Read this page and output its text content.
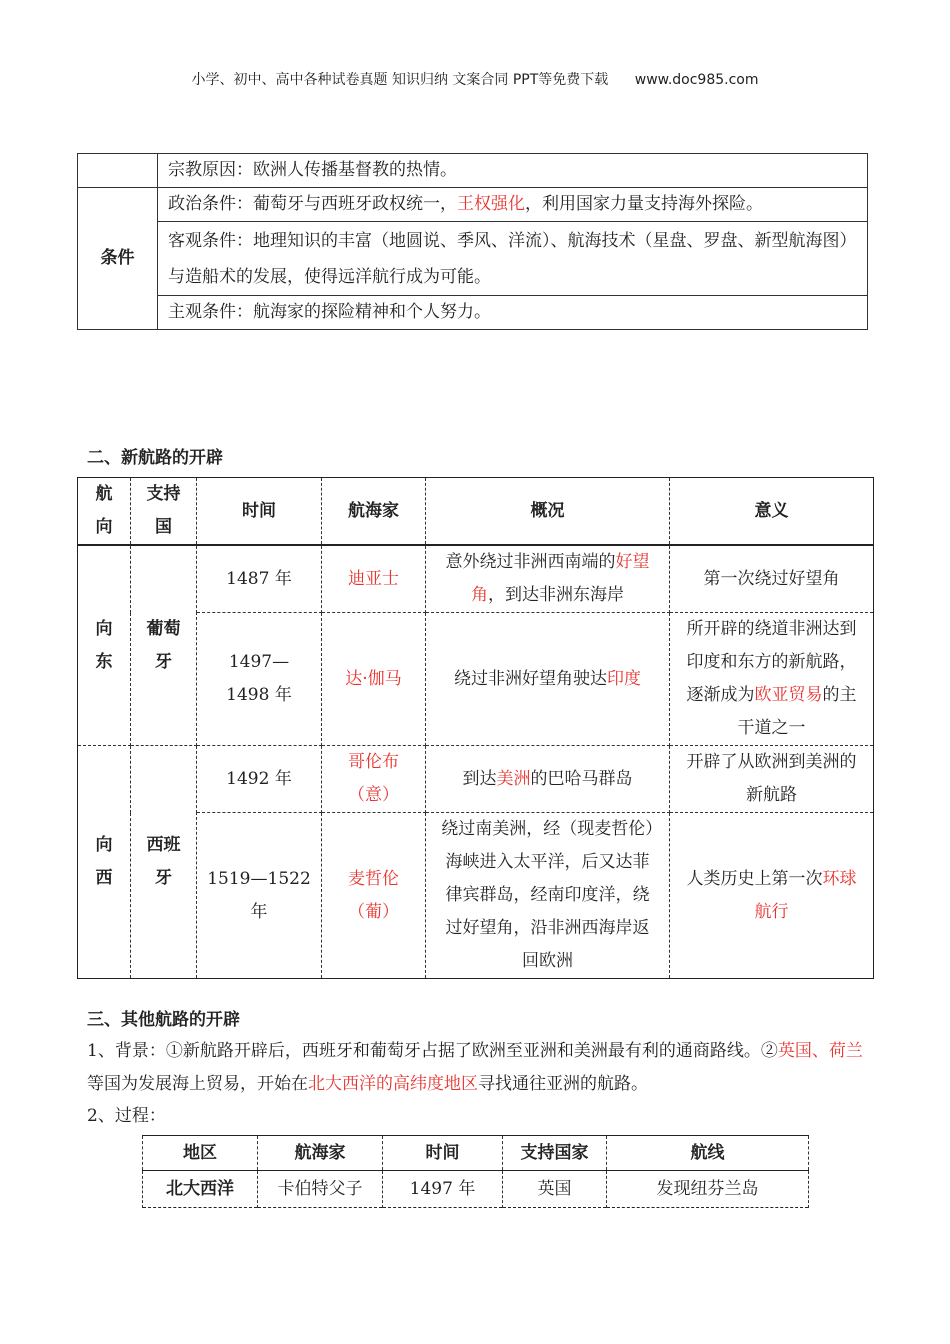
小学、初中、高中各种试卷真题 知识归纳 文案合同 PPT等免费下载 www.doc985.com
	宗教原因：欧洲人传播基督教的热情。
条件	政治条件：葡萄牙与西班牙政权统一，王权强化，利用国家力量支持海外探险。
	客观条件：地理知识的丰富（地圆说、季风、洋流）、航海技术（星盘、罗盘、新型航海图）与造船术的发展，使得远洋航行成为可能。
	主观条件：航海家的探险精神和个人努力。
二、新航路的开辟
航向	支持国	时间	航海家	概况	意义
向东	葡萄牙	1487 年	迪亚士	意外绕过非洲西南端的好望角，到达非洲东海岸	第一次绕过好望角
		1497—1498 年	达·伽马	绕过非洲好望角驶达印度	所开辟的绕道非洲达到印度和东方的新航路，逐渐成为欧亚贸易的主干道之一
向西	西班牙	1492 年	哥伦布（意）	到达美洲的巴哈马群岛	开辟了从欧洲到美洲的新航路
		1519—1522 年	麦哲伦（葡）	绕过南美洲，经（现麦哲伦）海峡进入太平洋，后又达菲律宾群岛，经南印度洋，绕过好望角，沿非洲西海岸返回欧洲	人类历史上第一次环球航行
三、其他航路的开辟
1、背景：①新航路开辟后，西班牙和葡萄牙占据了欧洲至亚洲和美洲最有利的通商路线。②英国、荷兰等国为发展海上贸易，开始在北大西洋的高纬度地区寻找通往亚洲的航路。
2、过程：
地区	航海家	时间	支持国家	航线
北大西洋	卡伯特父子	1497 年	英国	发现纽芬兰岛
